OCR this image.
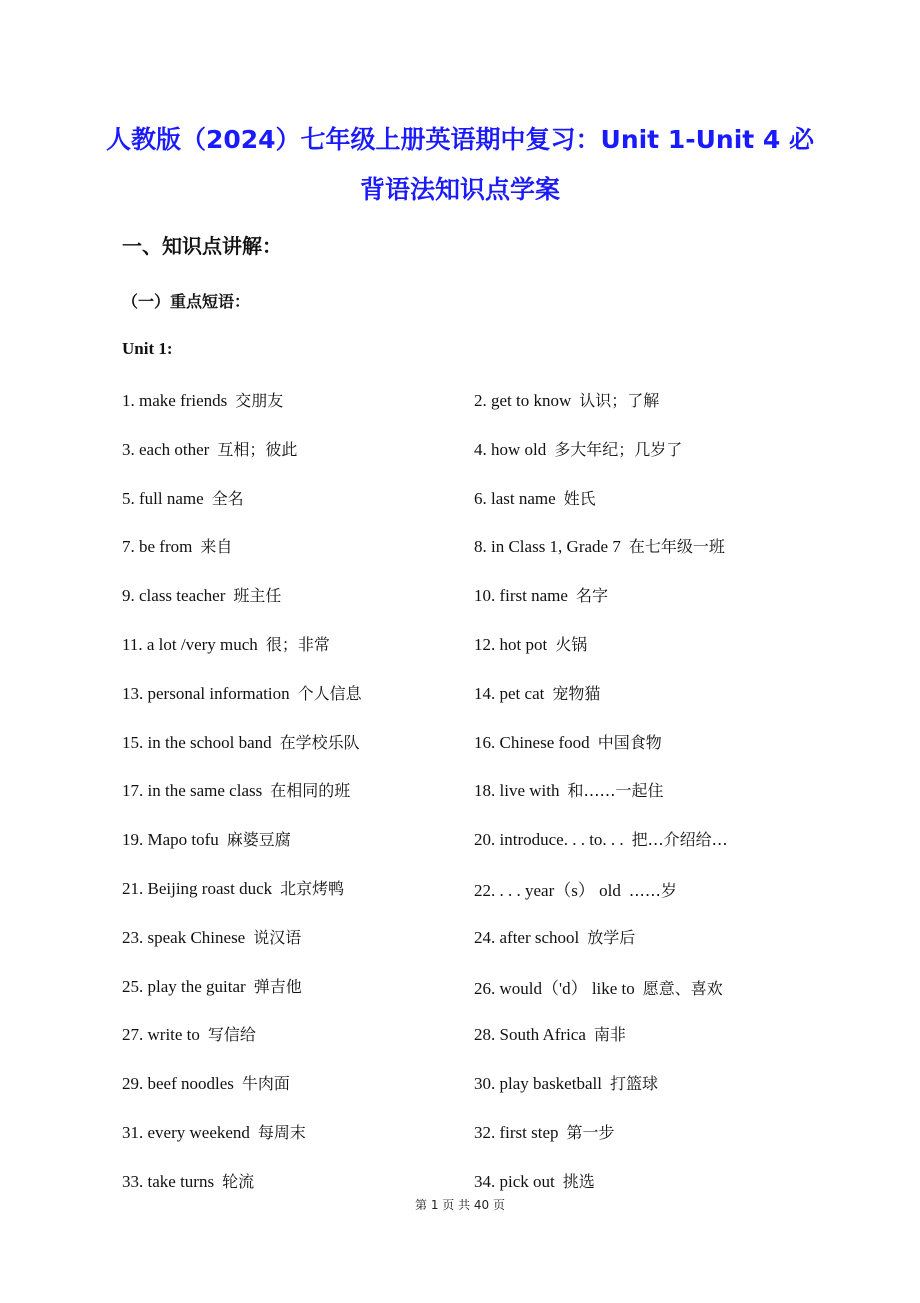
人教版（2024）七年级上册英语期中复习：Unit 1-Unit 4 必
背语法知识点学案
一、知识点讲解：
（一）重点短语：
Unit 1:
1. make friends 交朋友	2. get to know 认识；了解
3. each other 互相；彼此	4. how old 多大年纪；几岁了
5. full name 全名	6. last name 姓氏
7. be from 来自	8. in Class 1, Grade 7 在七年级一班
9. class teacher 班主任	10. first name 名字
11. a lot /very much 很；非常	12. hot pot 火锅
13. personal information 个人信息	14. pet cat 宠物猫
15. in the school band 在学校乐队	16. Chinese food 中国食物
17. in the same class 在相同的班	18. live with 和……一起住
19. Mapo tofu 麻婆豆腐	20. introduce. . . to. . . 把…介绍给…
21. Beijing roast duck 北京烤鸭	22. . . . year（s） old ……岁
23. speak Chinese 说汉语	24. after school 放学后
25. play the guitar 弹吉他	26. would（'d） like to 愿意、喜欢
27. write to 写信给	28. South Africa 南非
29. beef noodles 牛肉面	30. play basketball 打篮球
31. every weekend 每周末	32. first step 第一步
33. take turns 轮流	34. pick out 挑选
第 1 页 共 40 页
